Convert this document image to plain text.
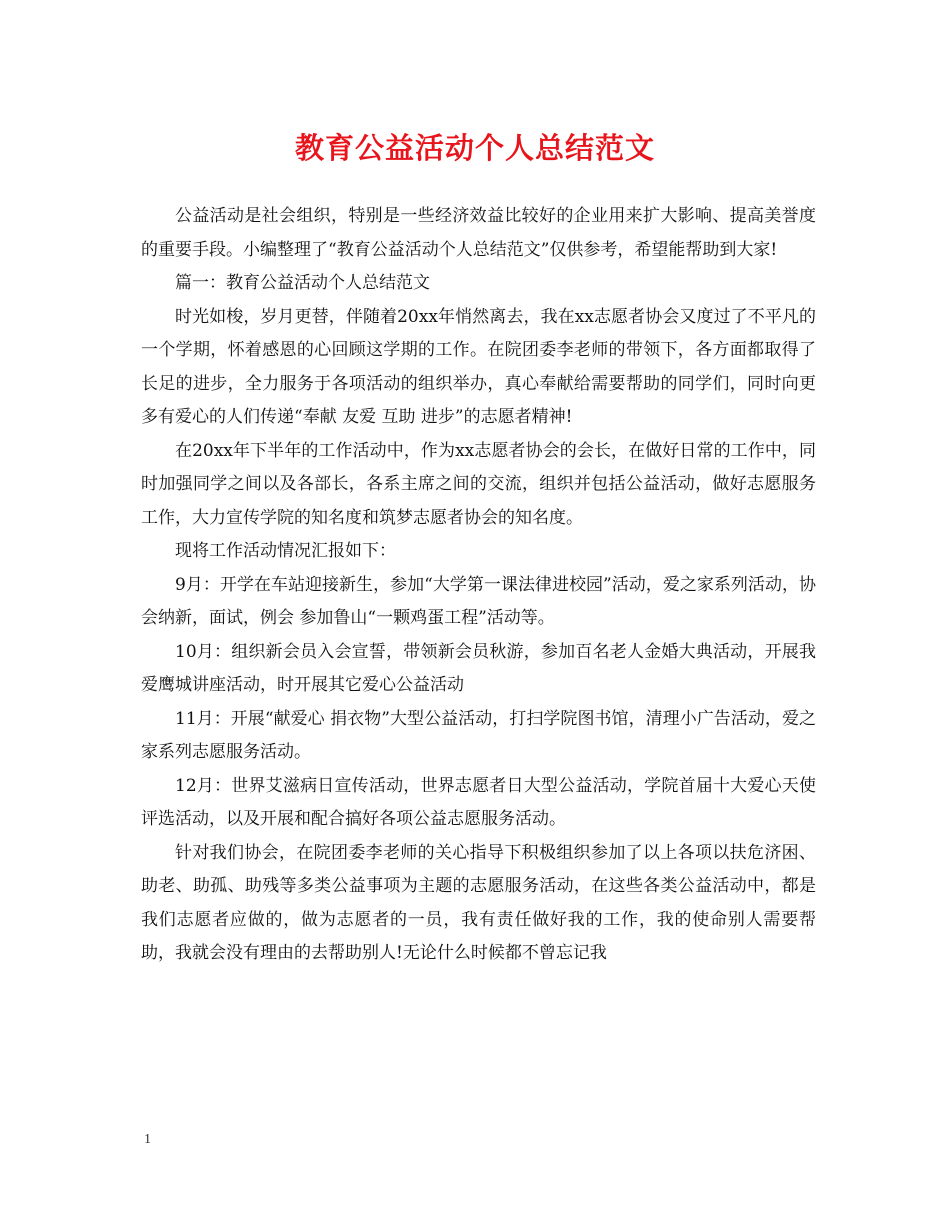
教育公益活动个人总结范文

公益活动是社会组织，特别是一些经济效益比较好的企业用来扩大影响、提高美誉度的重要手段。小编整理了“教育公益活动个人总结范文”仅供参考，希望能帮助到大家!

篇一：教育公益活动个人总结范文

时光如梭，岁月更替，伴随着20xx年悄然离去，我在xx志愿者协会又度过了不平凡的一个学期，怀着感恩的心回顾这学期的工作。在院团委李老师的带领下，各方面都取得了长足的进步，全力服务于各项活动的组织举办，真心奉献给需要帮助的同学们，同时向更多有爱心的人们传递“奉献 友爱 互助 进步”的志愿者精神!

在20xx年下半年的工作活动中，作为xx志愿者协会的会长，在做好日常的工作中，同时加强同学之间以及各部长，各系主席之间的交流，组织并包括公益活动，做好志愿服务工作，大力宣传学院的知名度和筑梦志愿者协会的知名度。

现将工作活动情况汇报如下：

9月：开学在车站迎接新生，参加“大学第一课法律进校园”活动，爱之家系列活动，协会纳新，面试，例会 参加鲁山“一颗鸡蛋工程”活动等。

10月：组织新会员入会宣誓，带领新会员秋游，参加百名老人金婚大典活动，开展我爱鹰城讲座活动，时开展其它爱心公益活动

11月：开展“献爱心 捐衣物”大型公益活动，打扫学院图书馆，清理小广告活动，爱之家系列志愿服务活动。

12月：世界艾滋病日宣传活动，世界志愿者日大型公益活动，学院首届十大爱心天使评选活动，以及开展和配合搞好各项公益志愿服务活动。

针对我们协会，在院团委李老师的关心指导下积极组织参加了以上各项以扶危济困、助老、助孤、助残等多类公益事项为主题的志愿服务活动，在这些各类公益活动中，都是我们志愿者应做的，做为志愿者的一员，我有责任做好我的工作，我的使命别人需要帮助，我就会没有理由的去帮助别人!无论什么时候都不曾忘记我

1
